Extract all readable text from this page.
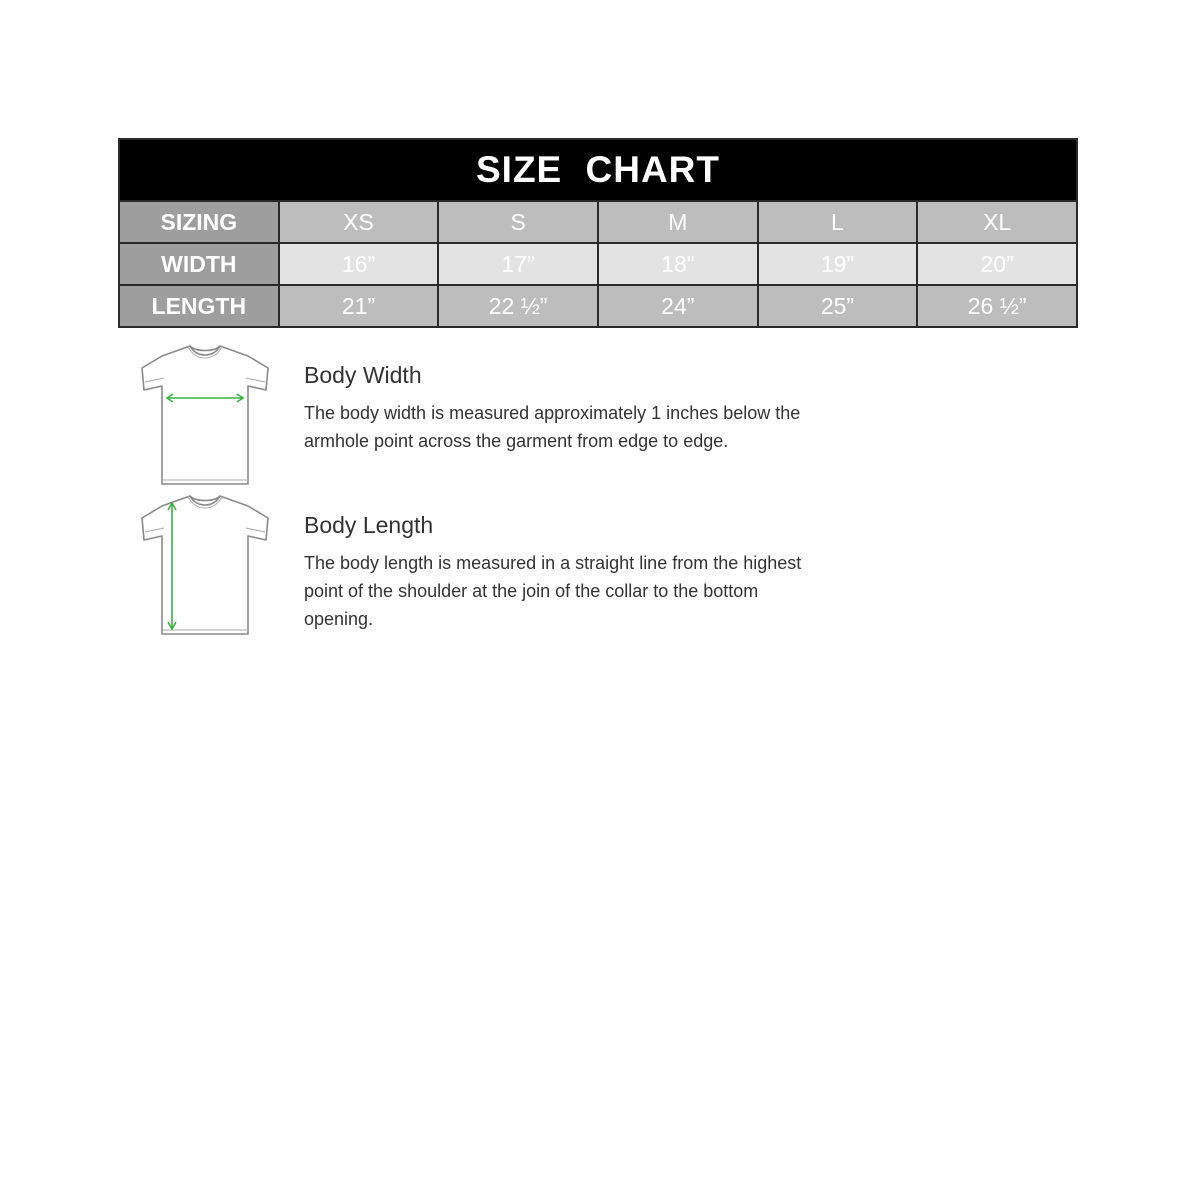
SIZE CHART					
SIZING	XS	S	M	L	XL
WIDTH	16”	17”	18”	19”	20”
LENGTH	21”	22 ½”	24”	25”	26 ½”
Body Width
The body width is measured approximately 1 inches below the armhole point across the garment from edge to edge.
Body Length
The body length is measured in a straight line from the highest point of the shoulder at the join of the collar to the bottom opening.
